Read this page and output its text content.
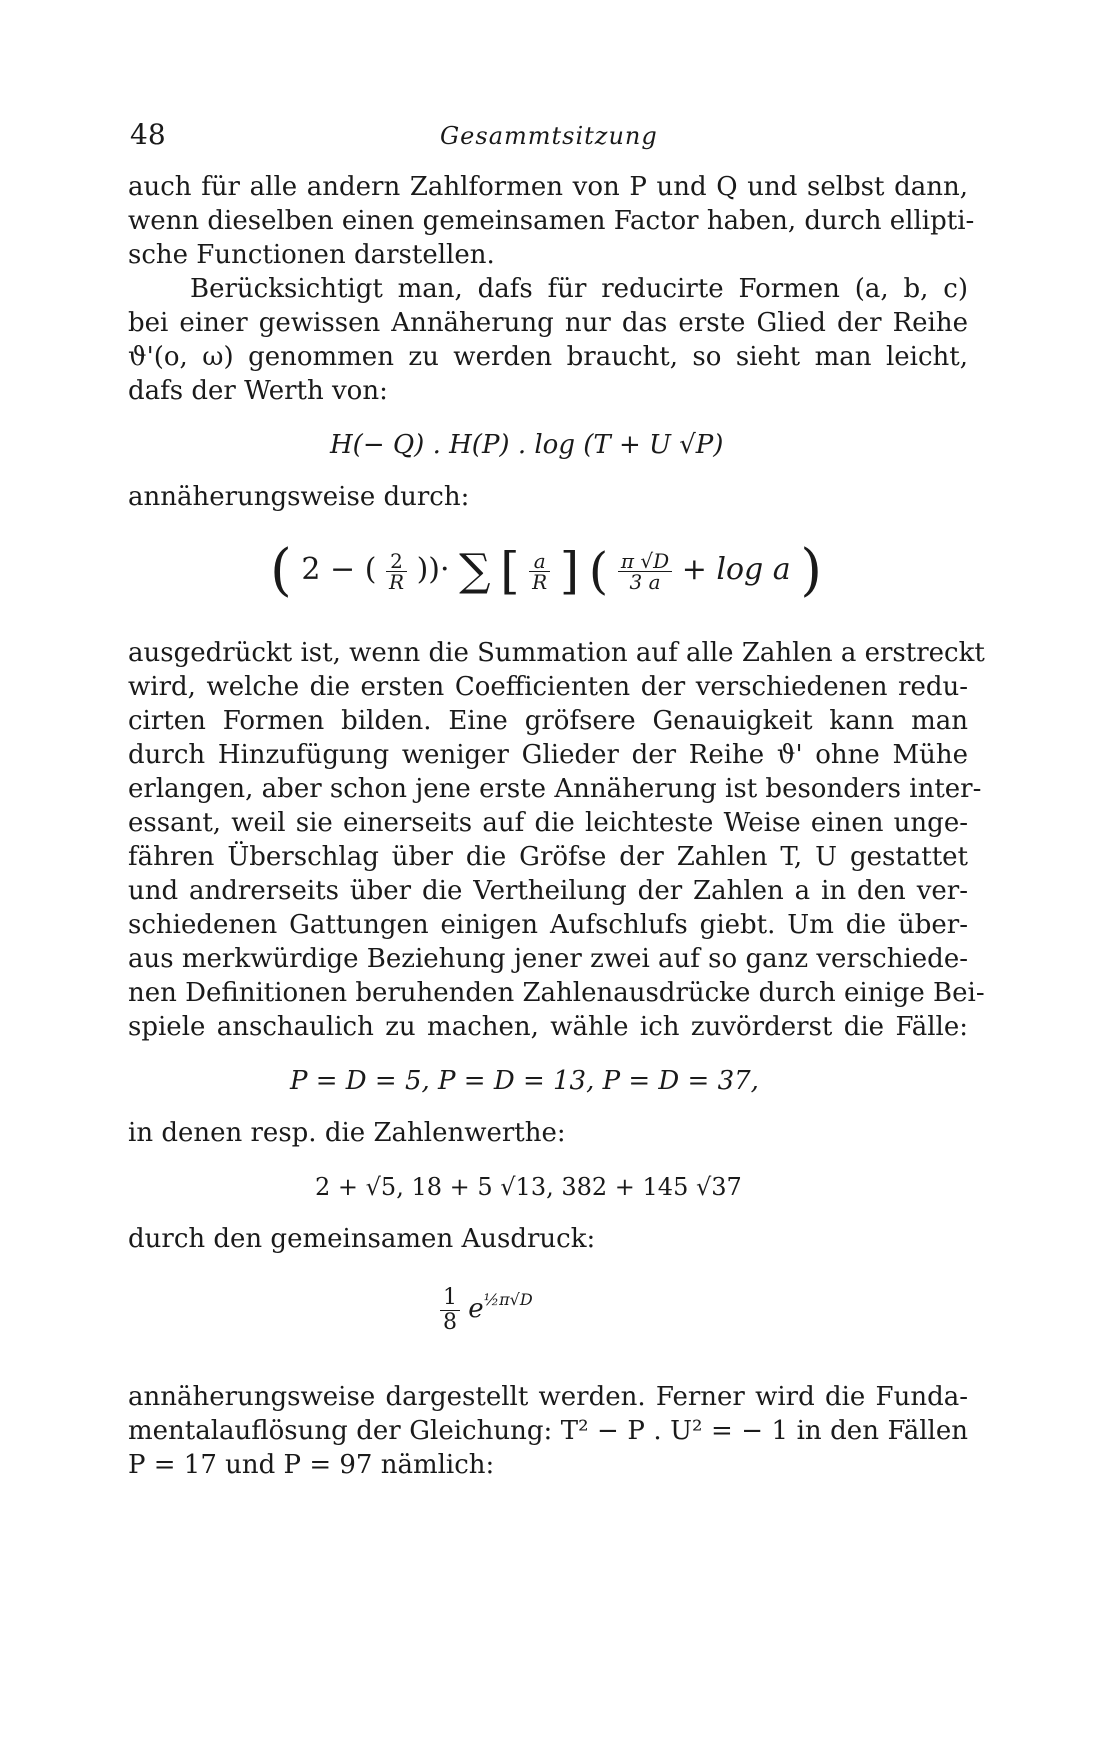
48	Gesammtsitzung
auch für alle andern Zahlformen von P und Q und selbst dann,
wenn dieselben einen gemeinsamen Factor haben, durch ellipti-
sche Functionen darstellen.
Berücksichtigt man, dafs für reducirte Formen (a, b, c)
bei einer gewissen Annäherung nur das erste Glied der Reihe
ϑ'(o, ω) genommen zu werden braucht, so sieht man leicht,
dafs der Werth von:
H(− Q) . H(P) . log (T + U √P)
annäherungsweise durch:
( 2 − ( $\frac{2}{R}$ ))· ∑ [ $\frac{a}{R}$ ] ( $\frac{\pi √D}{3 a} + \log a$ )
ausgedrückt ist, wenn die Summation auf alle Zahlen a erstreckt
wird, welche die ersten Coefficienten der verschiedenen redu-
cirten Formen bilden. Eine gröfsere Genauigkeit kann man
durch Hinzufügung weniger Glieder der Reihe ϑ' ohne Mühe
erlangen, aber schon jene erste Annäherung ist besonders inter-
essant, weil sie einerseits auf die leichteste Weise einen unge-
fähren Überschlag über die Gröfse der Zahlen T, U gestattet
und andrerseits über die Vertheilung der Zahlen a in den ver-
schiedenen Gattungen einigen Aufschlufs giebt. Um die über-
aus merkwürdige Beziehung jener zwei auf so ganz verschiede-
nen Definitionen beruhenden Zahlenausdrücke durch einige Bei-
spiele anschaulich zu machen, wähle ich zuvörderst die Fälle:
P = D = 5, P = D = 13, P = D = 37,
in denen resp. die Zahlenwerthe:
2 + √5, 18 + 5 √13, 382 + 145 √37
durch den gemeinsamen Ausdruck:
$\frac{1}{8} e^{\frac{1}{2}\pi√D}$
annäherungsweise dargestellt werden. Ferner wird die Funda-
mentalauflösung der Gleichung: T² − P . U² = − 1 in den Fällen
P = 17 und P = 97 nämlich:
